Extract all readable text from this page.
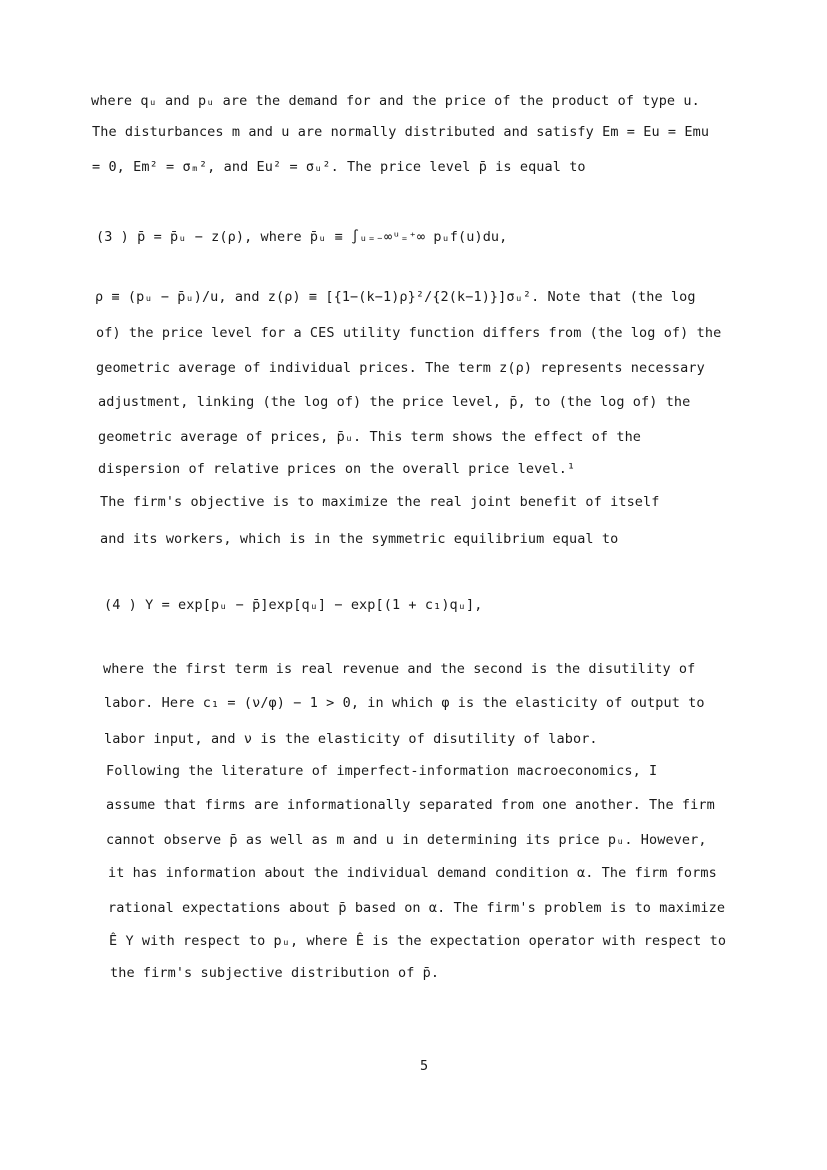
where qᵤ and pᵤ are the demand for and the price of the product of type u.
The disturbances m and u are normally distributed and satisfy Em = Eu = Emu
= 0, Em² = σₘ², and Eu² = σᵤ². The price level p̄ is equal to
(3 ) p̄ = p̄ᵤ − z(ρ), where p̄ᵤ ≡ ∫ᵤ₌₋∞ᵘ₌⁺∞ pᵤf(u)du,
ρ ≡ (pᵤ − p̄ᵤ)/u, and z(ρ) ≡ [{1−(k−1)ρ}²/{2(k−1)}]σᵤ². Note that (the log
of) the price level for a CES utility function differs from (the log of) the
geometric average of individual prices. The term z(ρ) represents necessary
adjustment, linking (the log of) the price level, p̄, to (the log of) the
geometric average of prices, p̄ᵤ. This term shows the effect of the
dispersion of relative prices on the overall price level.¹
The firm's objective is to maximize the real joint benefit of itself
and its workers, which is in the symmetric equilibrium equal to
(4 ) Υ = exp[pᵤ − p̄]exp[qᵤ] − exp[(1 + c₁)qᵤ],
where the first term is real revenue and the second is the disutility of
labor. Here c₁ = (ν/φ) − 1 > 0, in which φ is the elasticity of output to
labor input, and ν is the elasticity of disutility of labor.
Following the literature of imperfect-information macroeconomics, I
assume that firms are informationally separated from one another. The firm
cannot observe p̄ as well as m and u in determining its price pᵤ. However,
it has information about the individual demand condition α. The firm forms
rational expectations about p̄ based on α. The firm's problem is to maximize
Ê Υ with respect to pᵤ, where Ê is the expectation operator with respect to
the firm's subjective distribution of p̄.
5
